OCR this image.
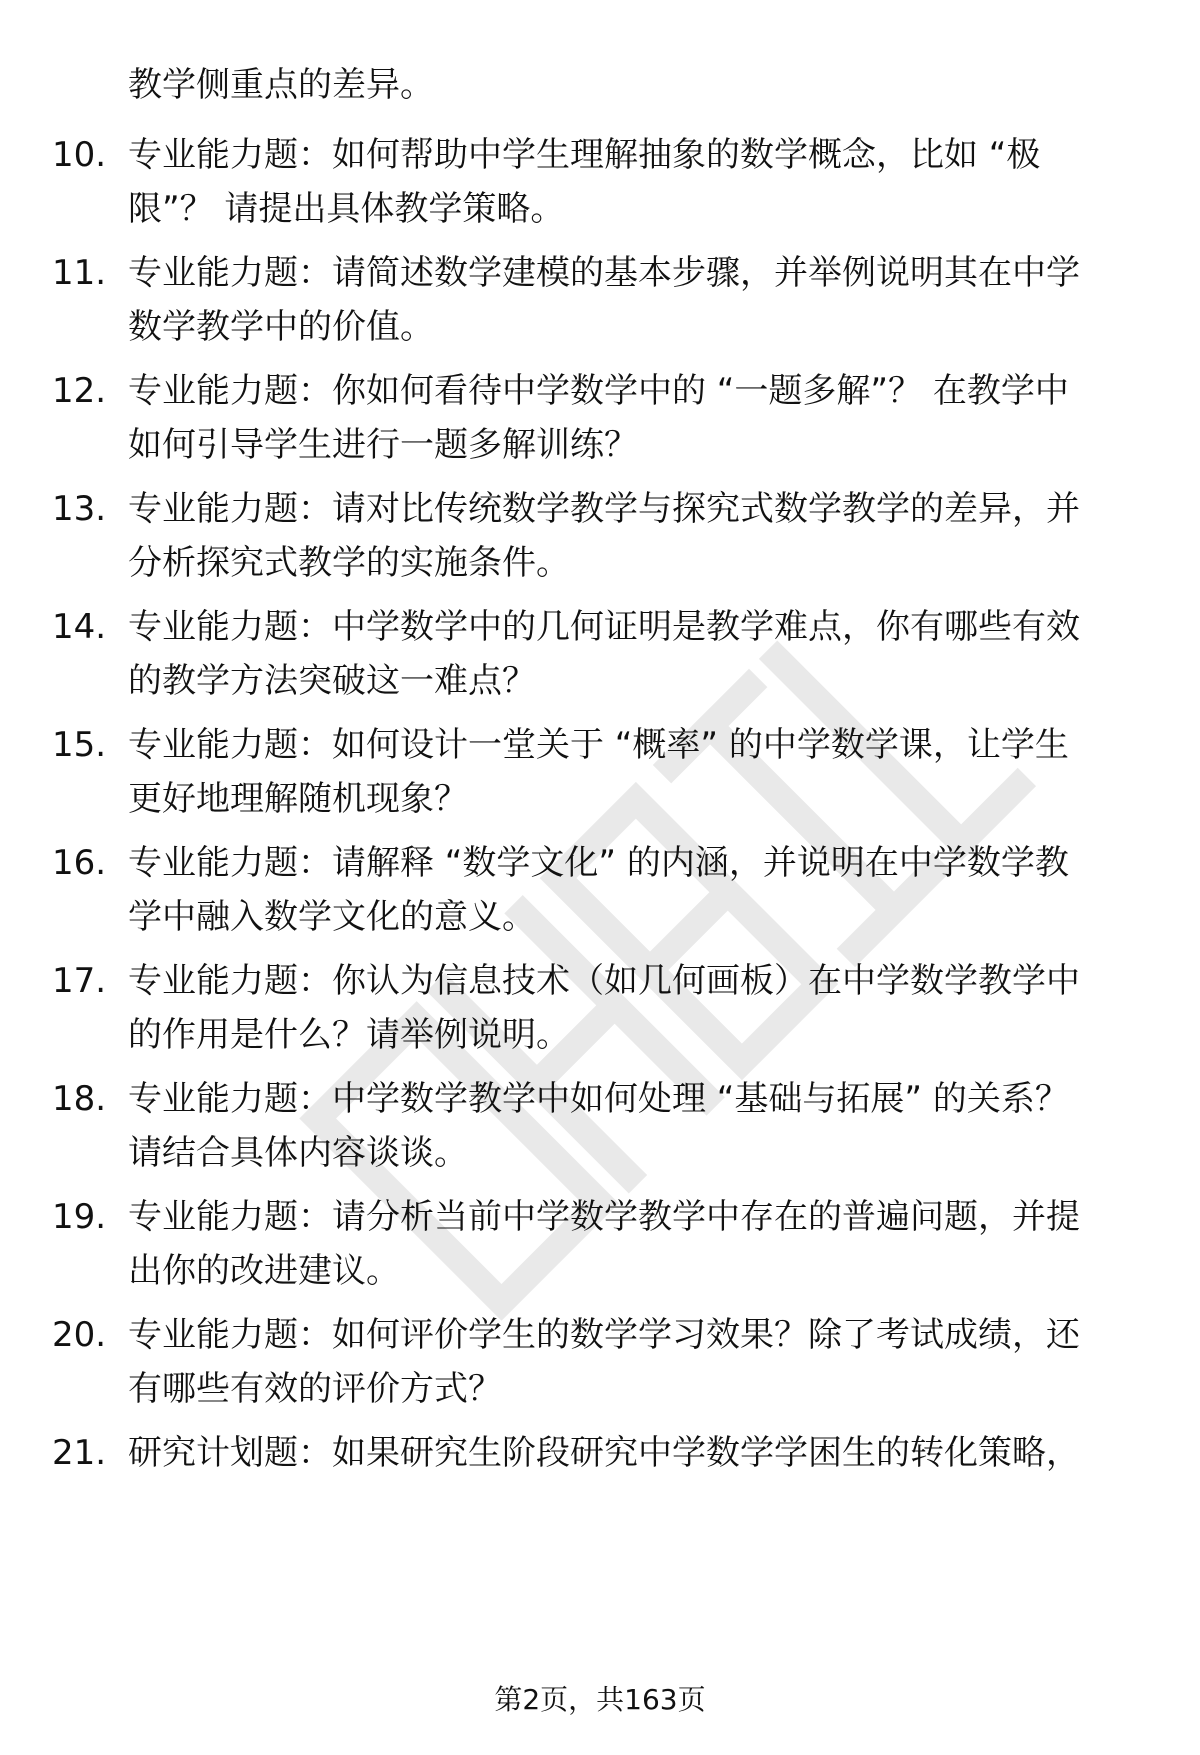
教学侧重点的差异。
10. 专业能力题：如何帮助中学生理解抽象的数学概念，比如 “极
限”？ 请提出具体教学策略。
11. 专业能力题：请简述数学建模的基本步骤，并举例说明其在中学
数学教学中的价值。
12. 专业能力题：你如何看待中学数学中的 “一题多解”？ 在教学中
如何引导学生进行一题多解训练？
13. 专业能力题：请对比传统数学教学与探究式数学教学的差异，并
分析探究式教学的实施条件。
14. 专业能力题：中学数学中的几何证明是教学难点，你有哪些有效
的教学方法突破这一难点？
15. 专业能力题：如何设计一堂关于 “概率” 的中学数学课，让学生
更好地理解随机现象？
16. 专业能力题：请解释 “数学文化” 的内涵，并说明在中学数学教
学中融入数学文化的意义。
17. 专业能力题：你认为信息技术（如几何画板）在中学数学教学中
的作用是什么？请举例说明。
18. 专业能力题：中学数学教学中如何处理 “基础与拓展” 的关系？
请结合具体内容谈谈。
19. 专业能力题：请分析当前中学数学教学中存在的普遍问题，并提
出你的改进建议。
20. 专业能力题：如何评价学生的数学学习效果？除了考试成绩，还
有哪些有效的评价方式？
21. 研究计划题：如果研究生阶段研究中学数学学困生的转化策略，
第2页，共163页
